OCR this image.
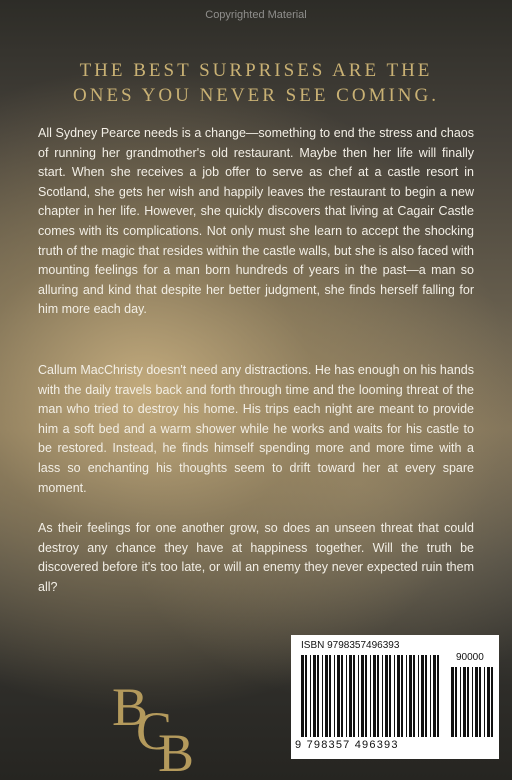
Copyrighted Material
THE BEST SURPRISES ARE THE
ONES YOU NEVER SEE COMING.

All Sydney Pearce needs is a change—something to end the stress and chaos of running her grandmother's old restaurant. Maybe then her life will finally start. When she receives a job offer to serve as chef at a castle resort in Scotland, she gets her wish and happily leaves the restaurant to begin a new chapter in her life. However, she quickly discovers that living at Cagair Castle comes with its complications. Not only must she learn to accept the shocking truth of the magic that resides within the castle walls, but she is also faced with mounting feelings for a man born hundreds of years in the past—a man so alluring and kind that despite her better judgment, she finds herself falling for him more each day.

Callum MacChristy doesn't need any distractions. He has enough on his hands with the daily travels back and forth through time and the looming threat of the man who tried to destroy his home. His trips each night are meant to provide him a soft bed and a warm shower while he works and waits for his castle to be restored. Instead, he finds himself spending more and more time with a lass so enchanting his thoughts seem to drift toward her at every spare moment.

As their feelings for one another grow, so does an unseen threat that could destroy any chance they have at happiness together. Will the truth be discovered before it's too late, or will an enemy they never expected ruin them all?

B
C
B
ISBN 9798357496393
90000
9 798357 496393
